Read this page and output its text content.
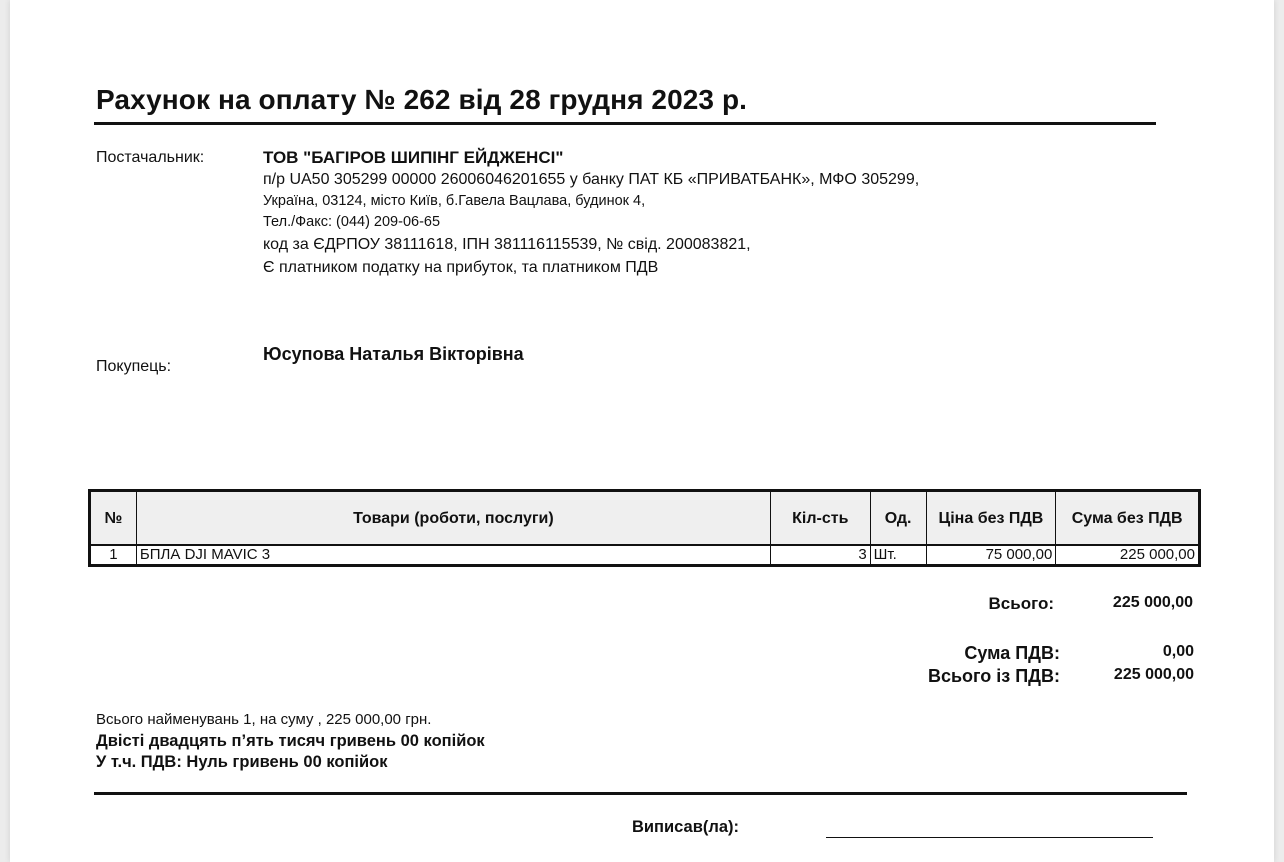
Рахунок на оплату № 262 від 28 грудня 2023 р.
Постачальник:	ТОВ "БАГІРОВ ШИПІНГ ЕЙДЖЕНСІ"
п/р UA50 305299 00000 26006046201655 у банку ПАТ КБ «ПРИВАТБАНК», МФО 305299,
Україна, 03124, місто Київ, б.Гавела Вацлава, будинок 4,
Тел./Факс: (044) 209-06-65
код за ЄДРПОУ 38111618, ІПН 381116115539, № свід. 200083821,
Є платником податку на прибуток, та платником ПДВ
Покупець:
Юсупова Наталья Вікторівна
№	Товари (роботи, послуги)	Кіл-сть	Од.	Ціна без ПДВ	Сума без ПДВ
1	БПЛА DJI MAVIC 3	3	Шт.	75 000,00	225 000,00
Всього:	225 000,00
Сума ПДВ:	0,00
Всього із ПДВ:	225 000,00
Всього найменувань 1, на суму , 225 000,00 грн.
Двісті двадцять п’ять тисяч гривень 00 копійок
У т.ч. ПДВ: Нуль гривень 00 копійок
Виписав(ла):
